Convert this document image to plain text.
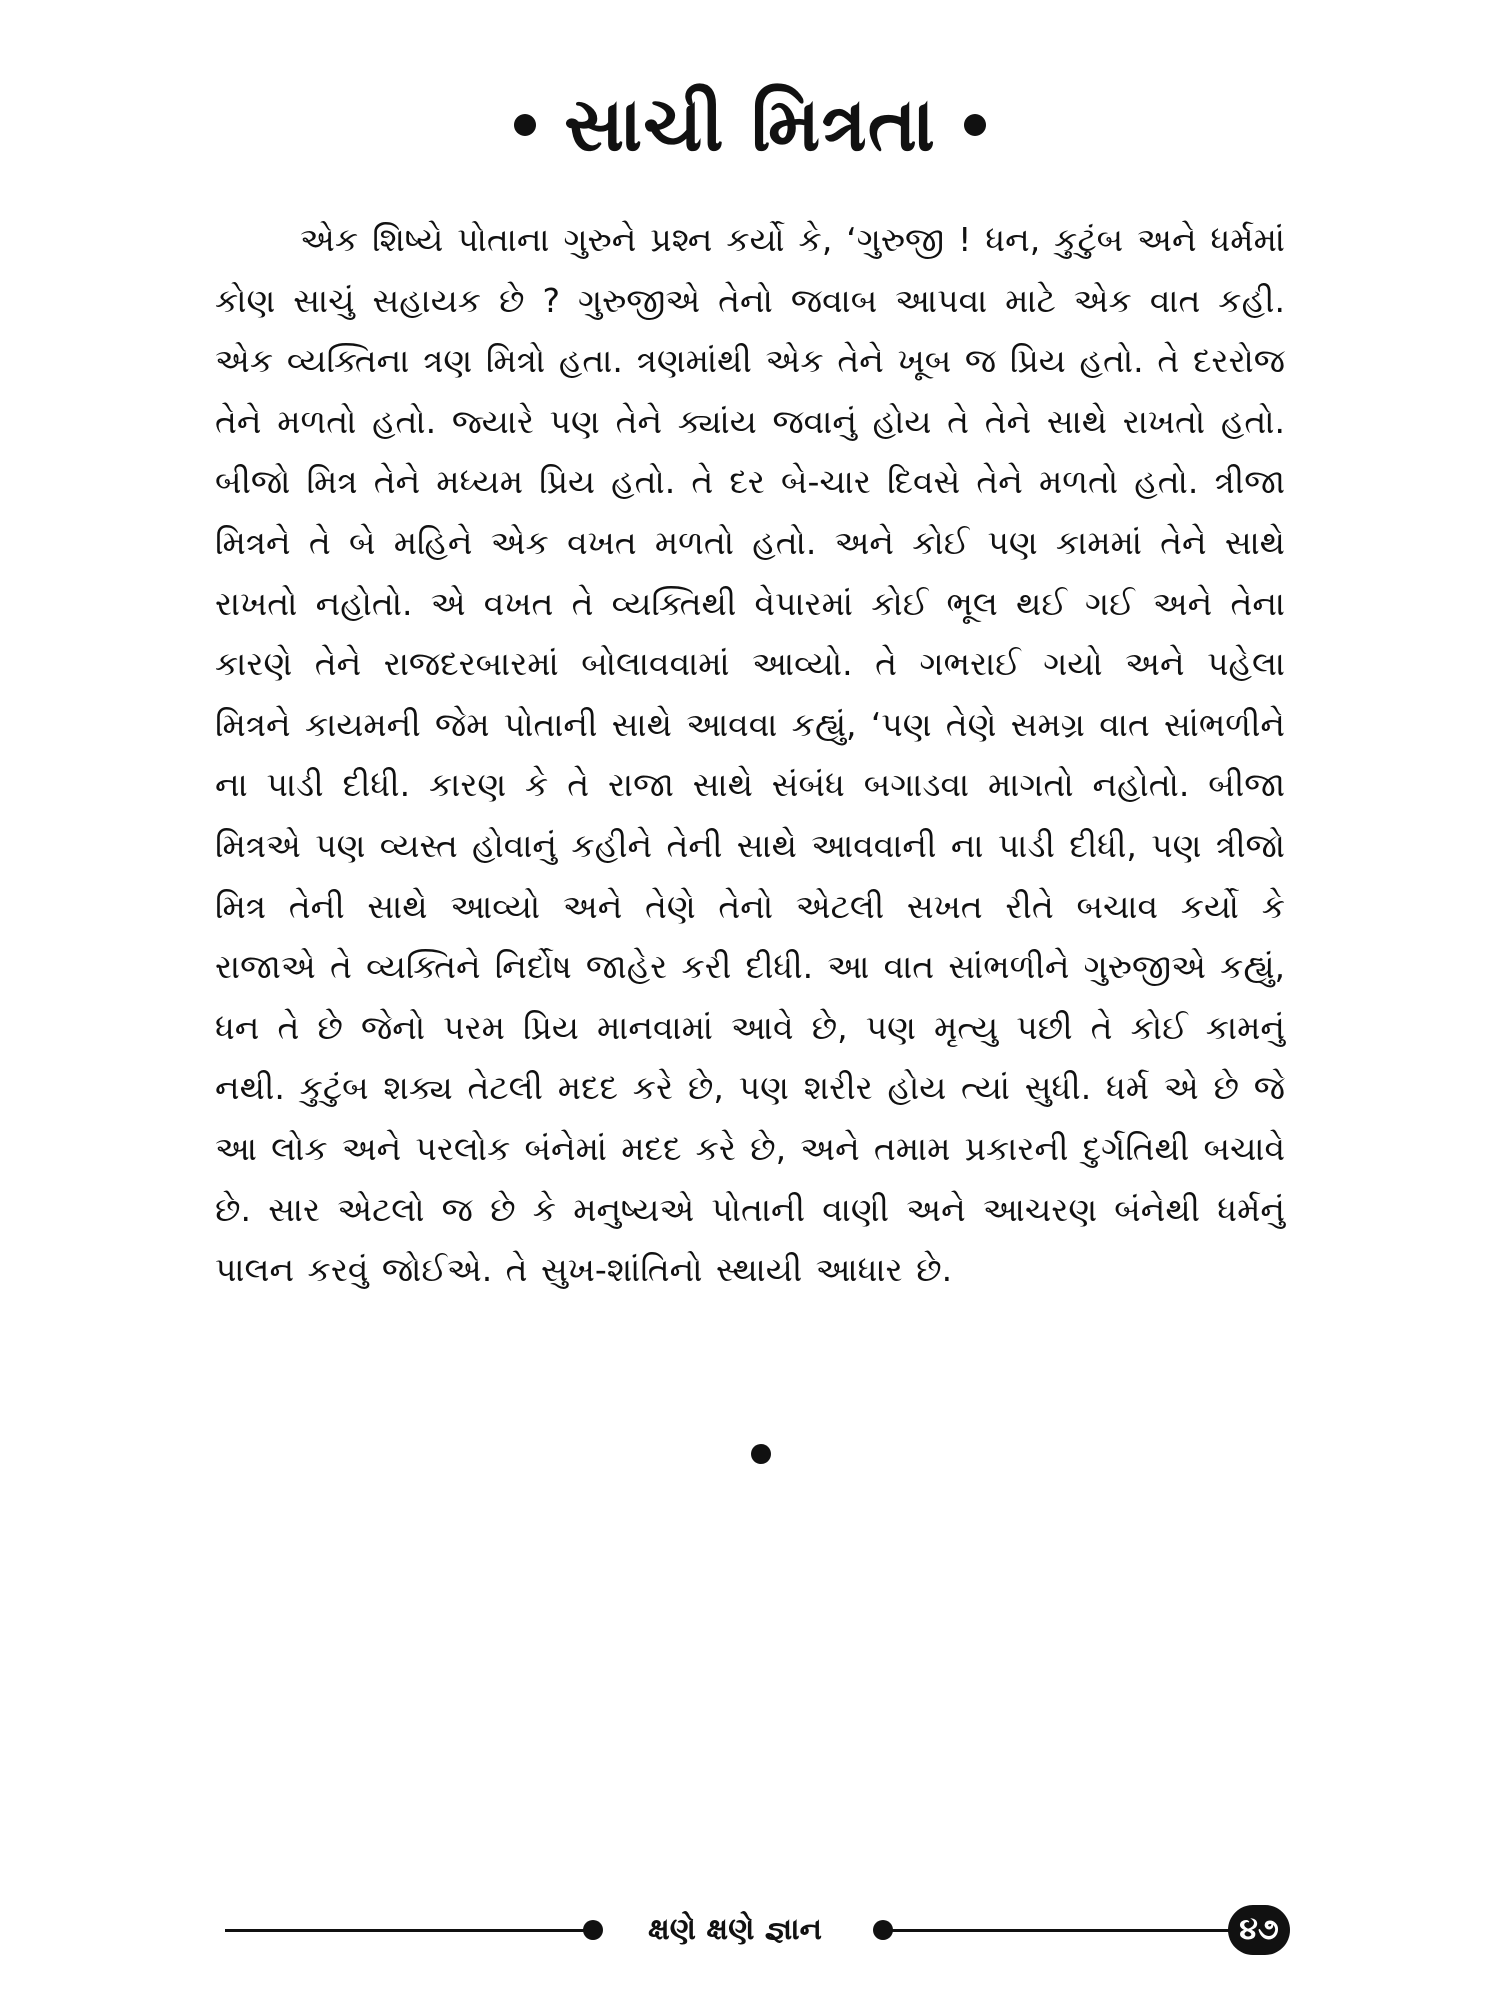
સાચી મિત્રતા

એક શિષ્યે પોતાના ગુરુને પ્રશ્ન કર્યો કે, ‘ગુરુજી ! ધન, કુટુંબ અને ધર્મમાં કોણ સાચું સહાયક છે ? ગુરુજીએ તેનો જવાબ આપવા માટે એક વાત કહી. એક વ્યક્તિના ત્રણ મિત્રો હતા. ત્રણમાંથી એક તેને ખૂબ જ પ્રિય હતો. તે દરરોજ તેને મળતો હતો. જ્યારે પણ તેને ક્યાંય જવાનું હોય તે તેને સાથે રાખતો હતો. બીજો મિત્ર તેને મધ્યમ પ્રિય હતો. તે દર બે-ચાર દિવસે તેને મળતો હતો. ત્રીજા મિત્રને તે બે મહિને એક વખત મળતો હતો. અને કોઈ પણ કામમાં તેને સાથે રાખતો નહોતો. એ વખત તે વ્યક્તિથી વેપારમાં કોઈ ભૂલ થઈ ગઈ અને તેના કારણે તેને રાજદરબારમાં બોલાવવામાં આવ્યો. તે ગભરાઈ ગયો અને પહેલા મિત્રને કાયમની જેમ પોતાની સાથે આવવા કહ્યું, ‘પણ તેણે સમગ્ર વાત સાંભળીને ના પાડી દીધી. કારણ કે તે રાજા સાથે સંબંધ બગાડવા માગતો નહોતો. બીજા મિત્રએ પણ વ્યસ્ત હોવાનું કહીને તેની સાથે આવવાની ના પાડી દીધી, પણ ત્રીજો મિત્ર તેની સાથે આવ્યો અને તેણે તેનો એટલી સખત રીતે બચાવ કર્યો કે રાજાએ તે વ્યક્તિને નિર્દોષ જાહેર કરી દીધી. આ વાત સાંભળીને ગુરુજીએ કહ્યું, ધન તે છે જેનો પરમ પ્રિય માનવામાં આવે છે, પણ મૃત્યુ પછી તે કોઈ કામનું નથી. કુટુંબ શક્ય તેટલી મદદ કરે છે, પણ શરીર હોય ત્યાં સુધી. ધર્મ એ છે જે આ લોક અને પરલોક બંનેમાં મદદ કરે છે, અને તમામ પ્રકારની દુર્ગતિથી બચાવે છે. સાર એટલો જ છે કે મનુષ્યએ પોતાની વાણી અને આચરણ બંનેથી ધર્મનું પાલન કરવું જોઈએ. તે સુખ-શાંતિનો સ્થાયી આધાર છે.

ક્ષણે ક્ષણે જ્ઞાન	૪૭
